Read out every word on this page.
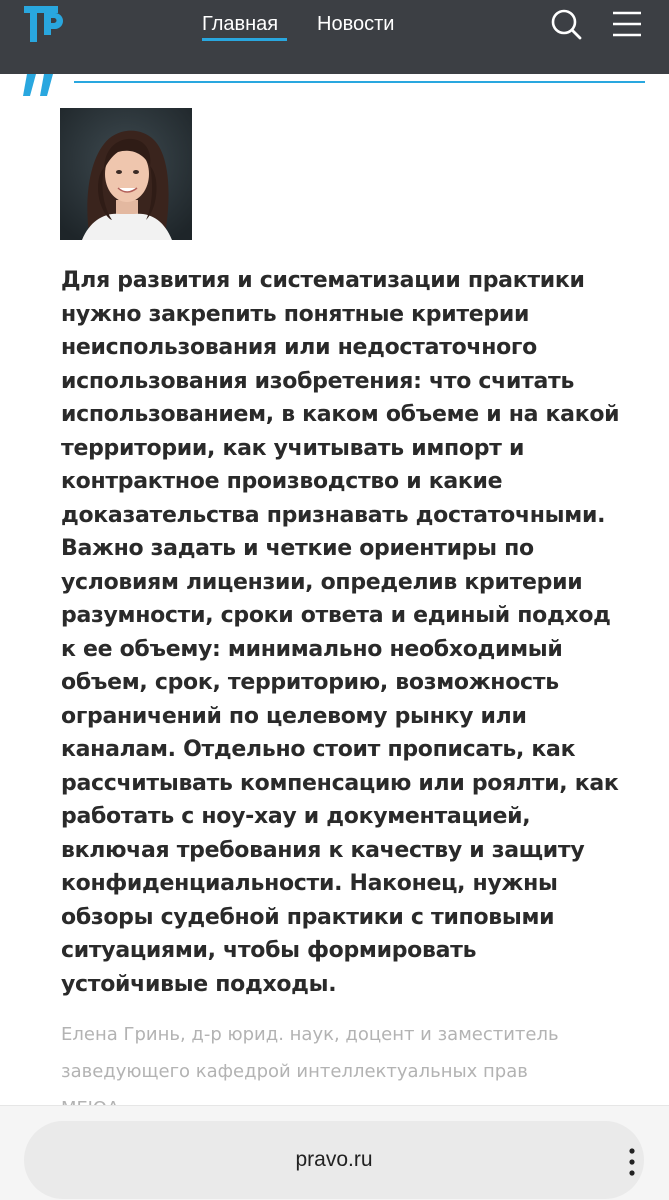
Главная Новости
Для развития и систематизации практики
нужно закрепить понятные критерии
неиспользования или недостаточного
использования изобретения: что считать
использованием, в каком объеме и на какой
территории, как учитывать импорт и
контрактное производство и какие
доказательства признавать достаточными.
Важно задать и четкие ориентиры по
условиям лицензии, определив критерии
разумности, сроки ответа и единый подход
к ее объему: минимально необходимый
объем, срок, территорию, возможность
ограничений по целевому рынку или
каналам. Отдельно стоит прописать, как
рассчитывать компенсацию или роялти, как
работать с ноу-хау и документацией,
включая требования к качеству и защиту
конфиденциальности. Наконец, нужны
обзоры судебной практики с типовыми
ситуациями, чтобы формировать
устойчивые подходы.
Елена Гринь, д-р юрид. наук, доцент и заместитель
заведующего кафедрой интеллектуальных прав
pravo.ru
